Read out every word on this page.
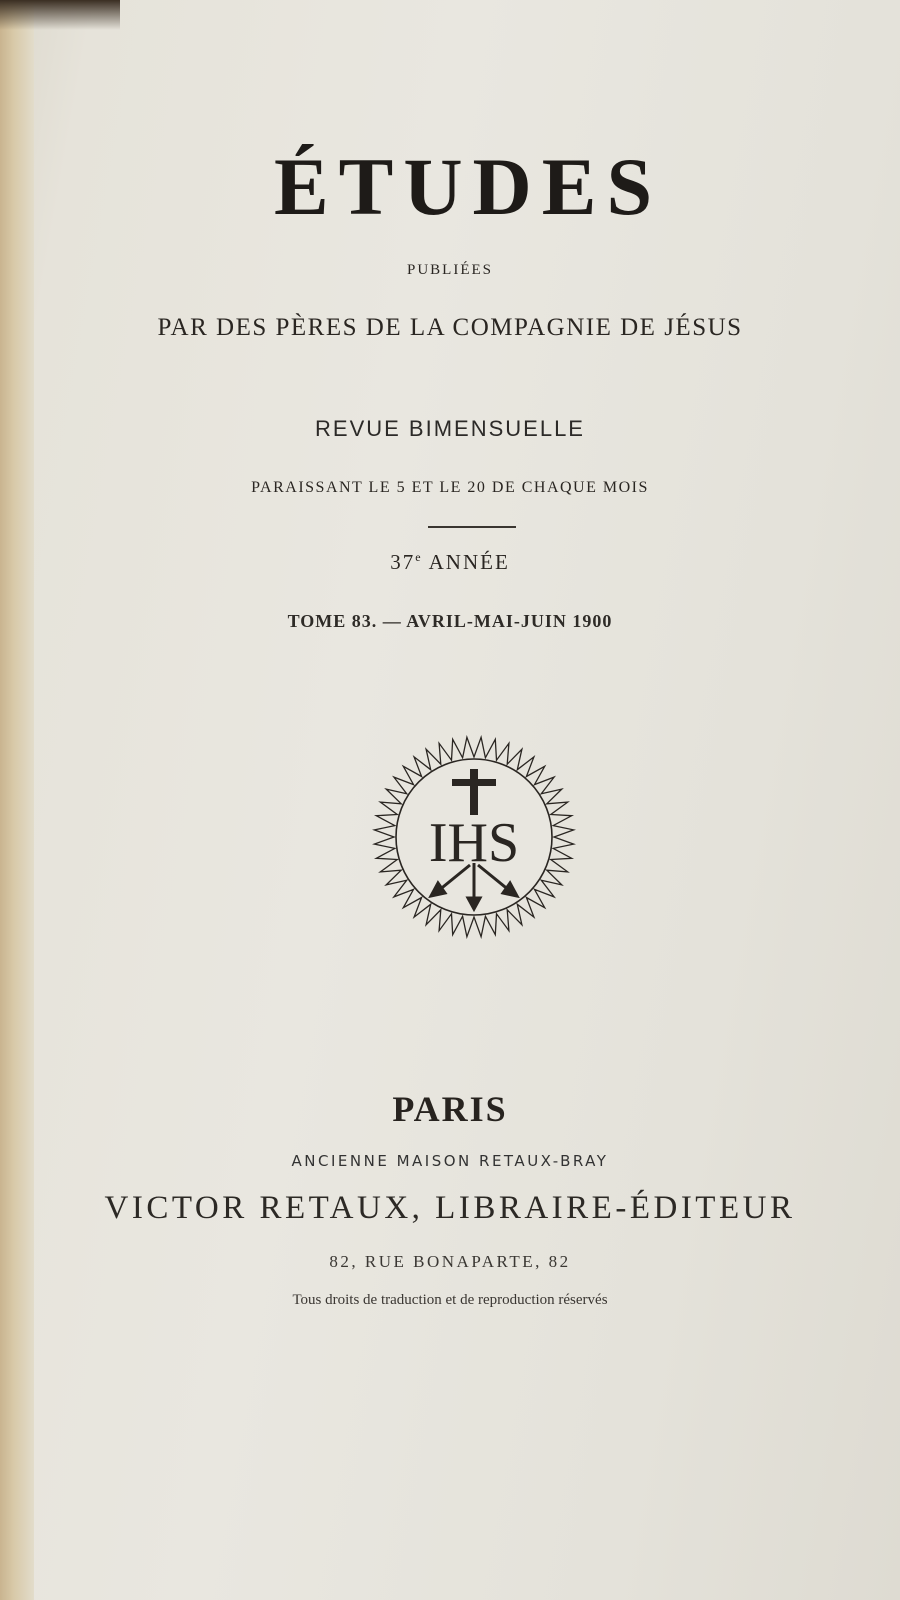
ÉTUDES
PUBLIÉES
PAR DES PÈRES DE LA COMPAGNIE DE JÉSUS
REVUE BIMENSUELLE
PARAISSANT LE 5 ET LE 20 DE CHAQUE MOIS
37e ANNÉE
TOME 83. — AVRIL-MAI-JUIN 1900
IHS
PARIS
ANCIENNE MAISON RETAUX-BRAY
VICTOR RETAUX, LIBRAIRE-ÉDITEUR
82, RUE BONAPARTE, 82
Tous droits de traduction et de reproduction réservés
